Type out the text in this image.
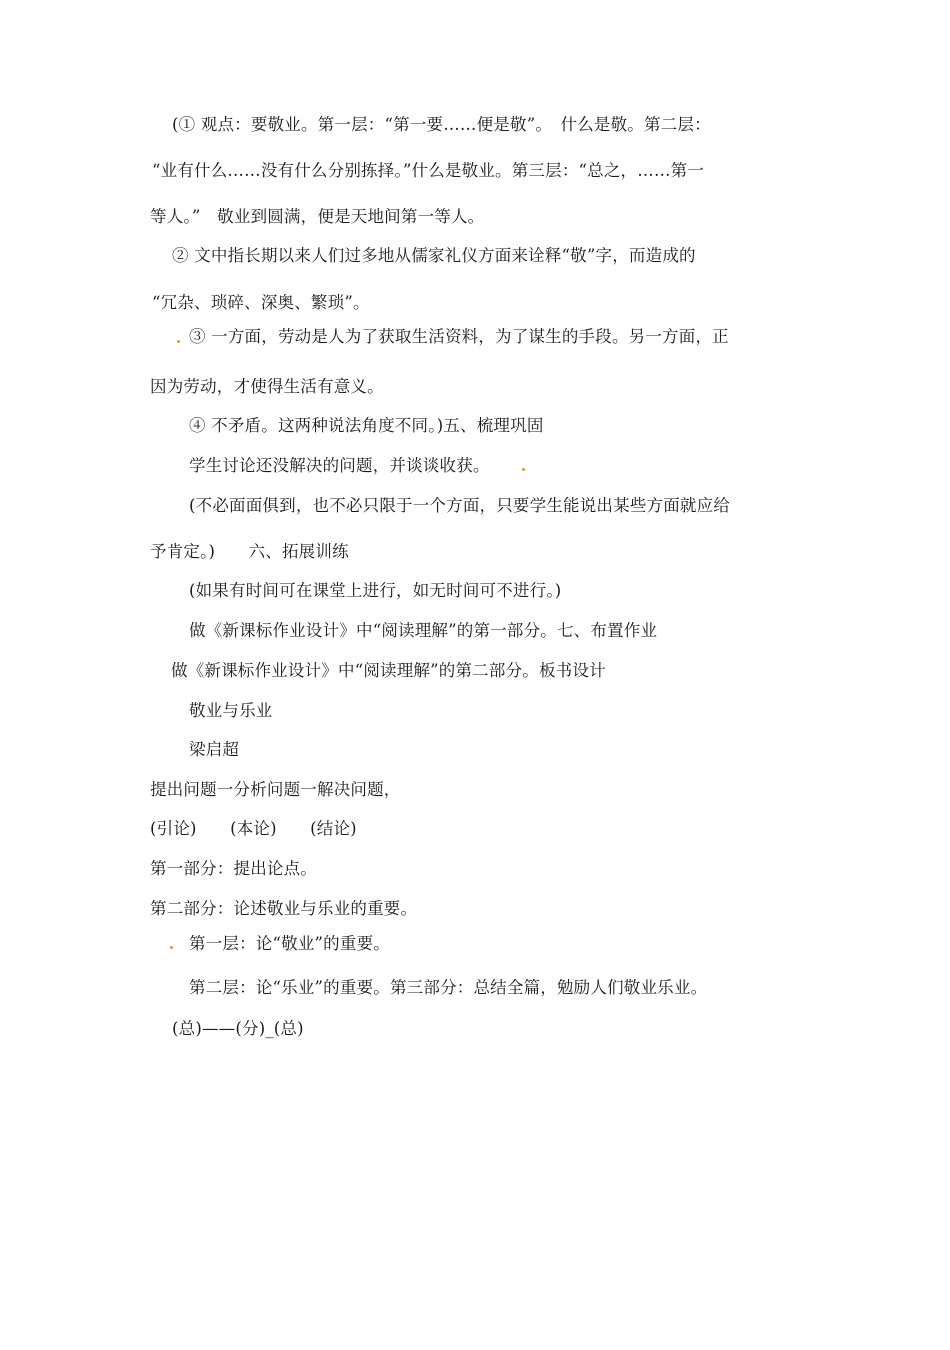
(① 观点：要敬业。第一层：“第一要……便是敬”。　什么是敬。第二层：
“业有什么……没有什么分别拣择。”什么是敬业。第三层：“总之，……第一
等人。”　敬业到圆满，便是天地间第一等人。
② 文中指长期以来人们过多地从儒家礼仪方面来诠释“敬”字，而造成的
“冗杂、琐碎、深奥、繁琐”。
③ 一方面，劳动是人为了获取生活资料，为了谋生的手段。另一方面，正
因为劳动，才使得生活有意义。
④ 不矛盾。这两种说法角度不同。)五、梳理巩固
学生讨论还没解决的问题，并谈谈收获。
(不必面面俱到，也不必只限于一个方面，只要学生能说出某些方面就应给
予肯定。)　　六、拓展训练
(如果有时间可在课堂上进行，如无时间可不进行。)
做《新课标作业设计》中“阅读理解”的第一部分。七、布置作业
做《新课标作业设计》中“阅读理解”的第二部分。板书设计
敬业与乐业
梁启超
提出问题一分析问题一解决问题，
(引论)　　(本论)　　(结论)
第一部分：提出论点。
第二部分：论述敬业与乐业的重要。
第一层：论“敬业”的重要。
第二层：论“乐业”的重要。第三部分：总结全篇，勉励人们敬业乐业。
(总)——(分)_(总)
